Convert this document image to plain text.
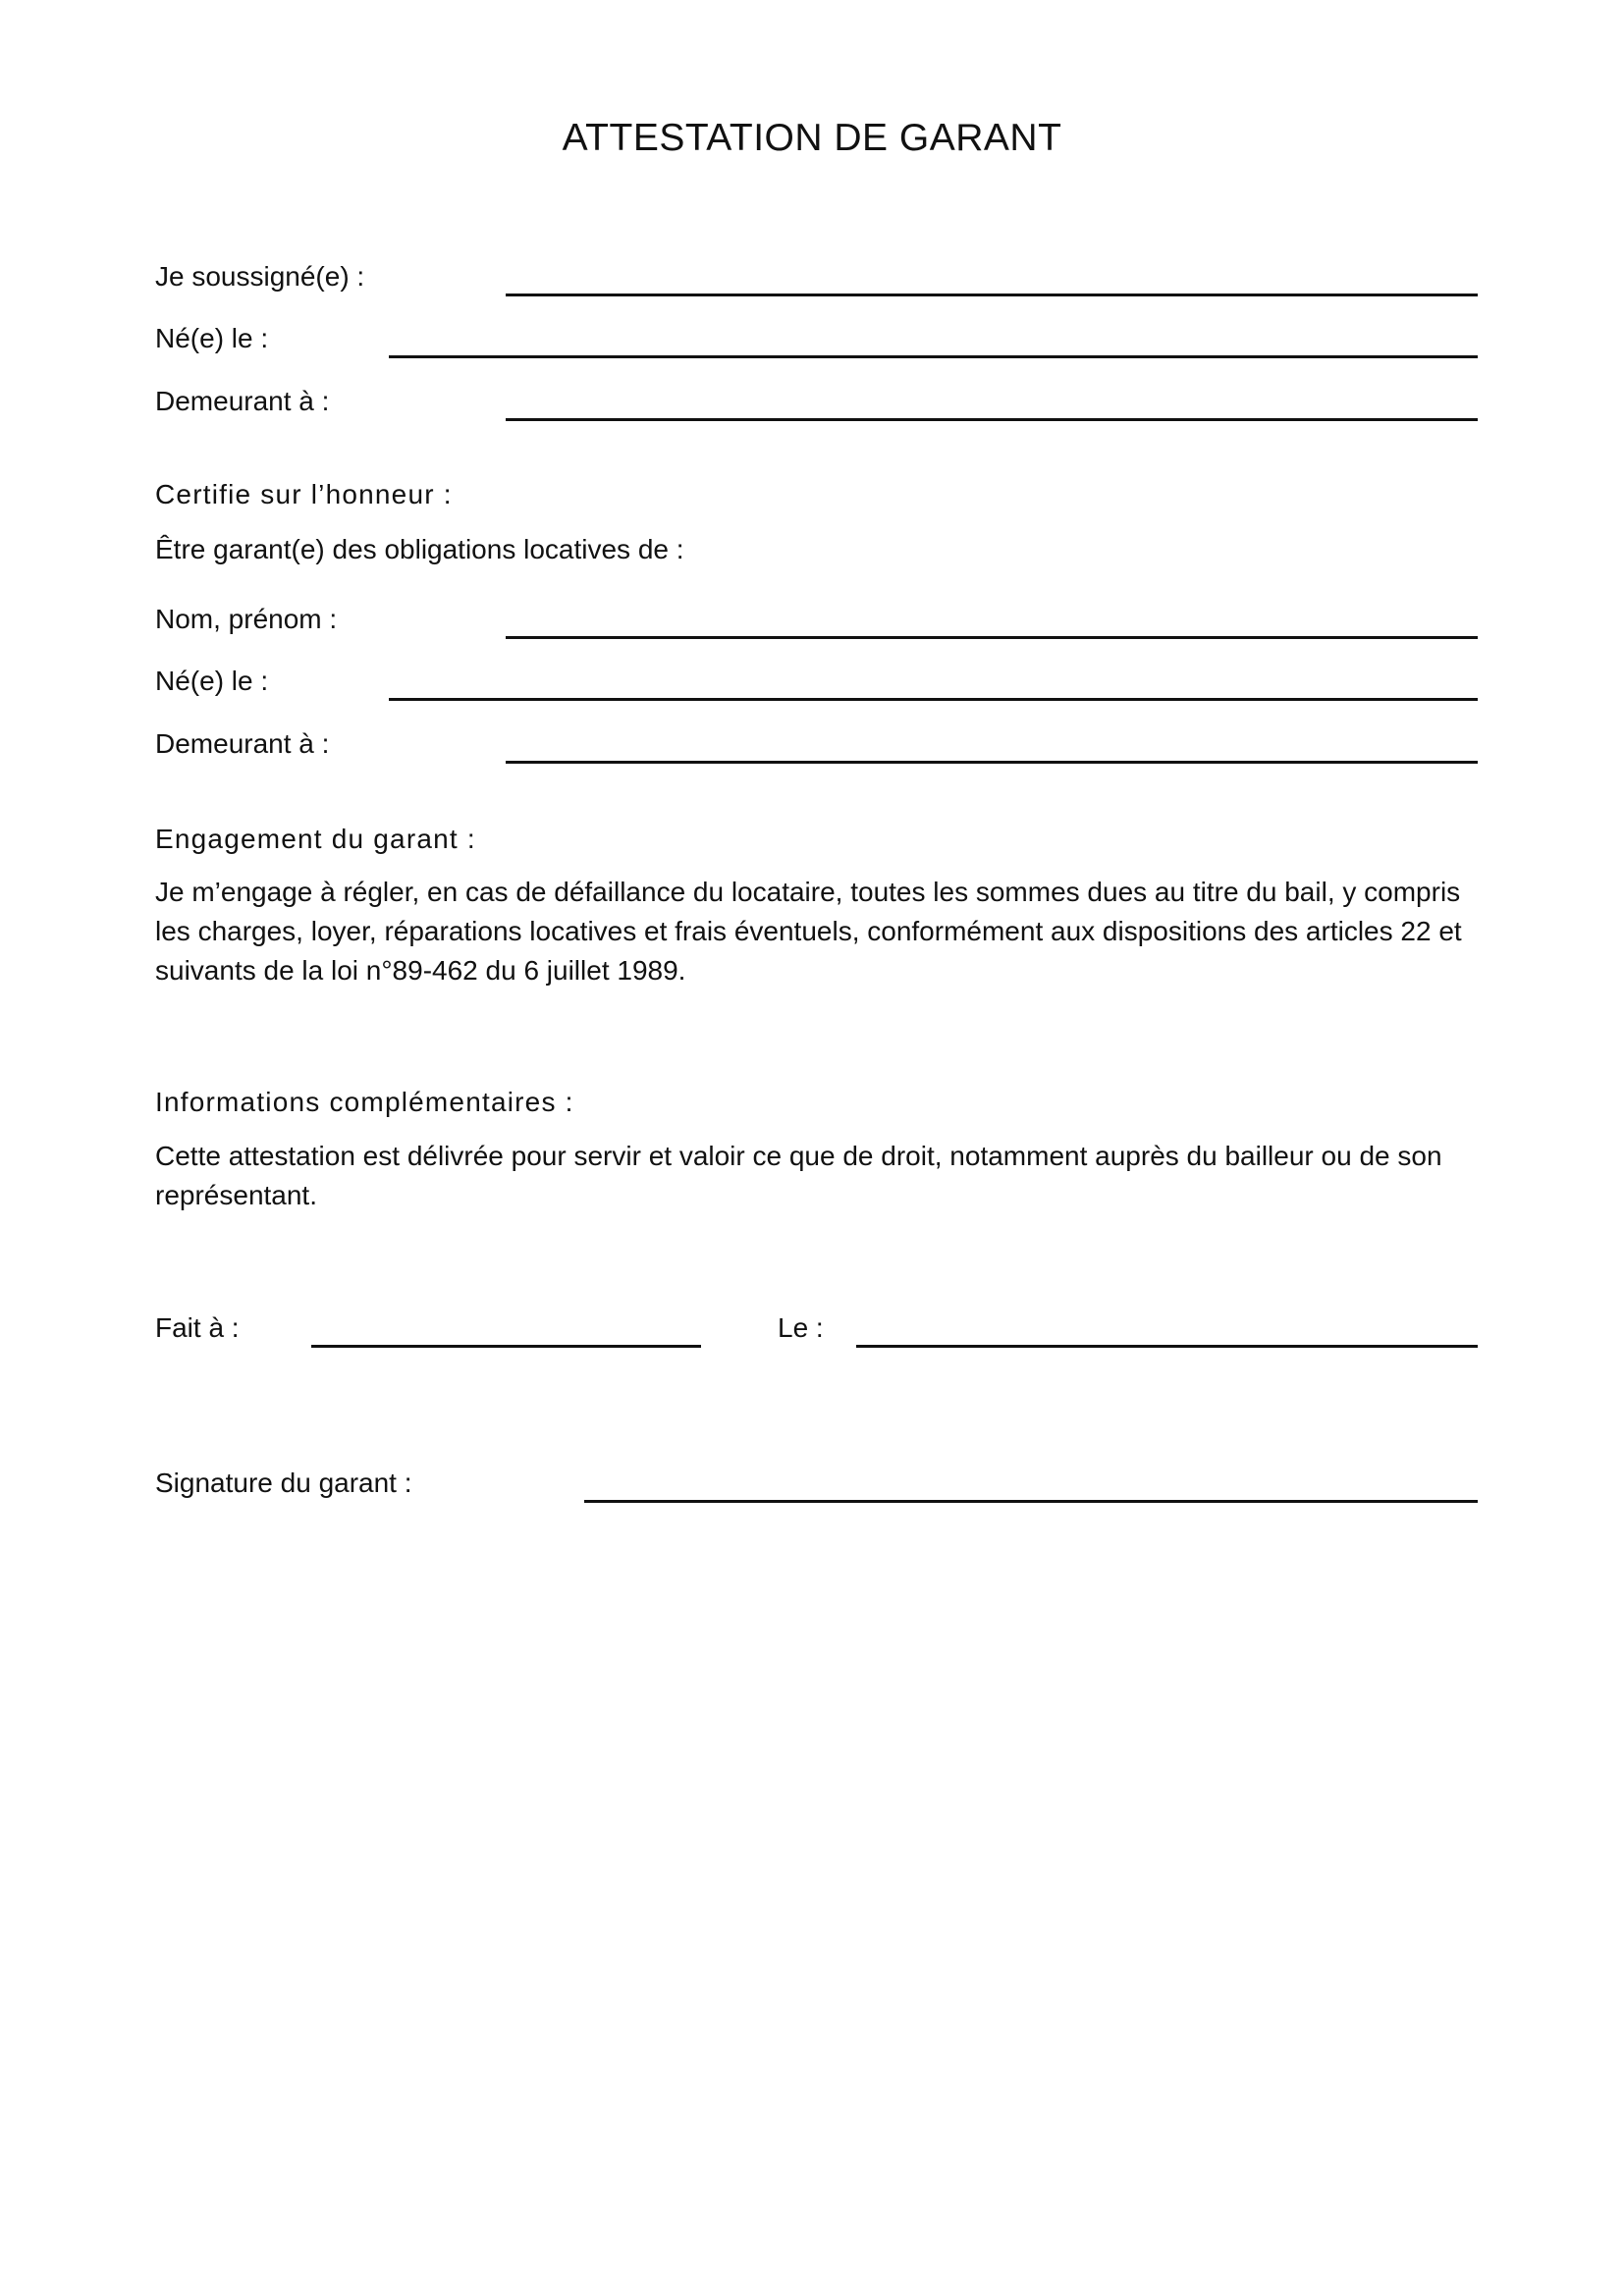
ATTESTATION DE GARANT
Je soussigné(e) :
Né(e) le :
Demeurant à :
Certifie sur l’honneur :
Être garant(e) des obligations locatives de :
Nom, prénom :
Né(e) le :
Demeurant à :
Engagement du garant :

Je m’engage à régler, en cas de défaillance du locataire, toutes les sommes dues au titre du bail, y compris les charges, loyer, réparations locatives et frais éventuels, conformément aux dispositions des articles 22 et suivants de la loi n°89-462 du 6 juillet 1989.

Informations complémentaires :

Cette attestation est délivrée pour servir et valoir ce que de droit, notamment auprès du bailleur ou de son représentant.

Fait à :	Le :
Signature du garant :
